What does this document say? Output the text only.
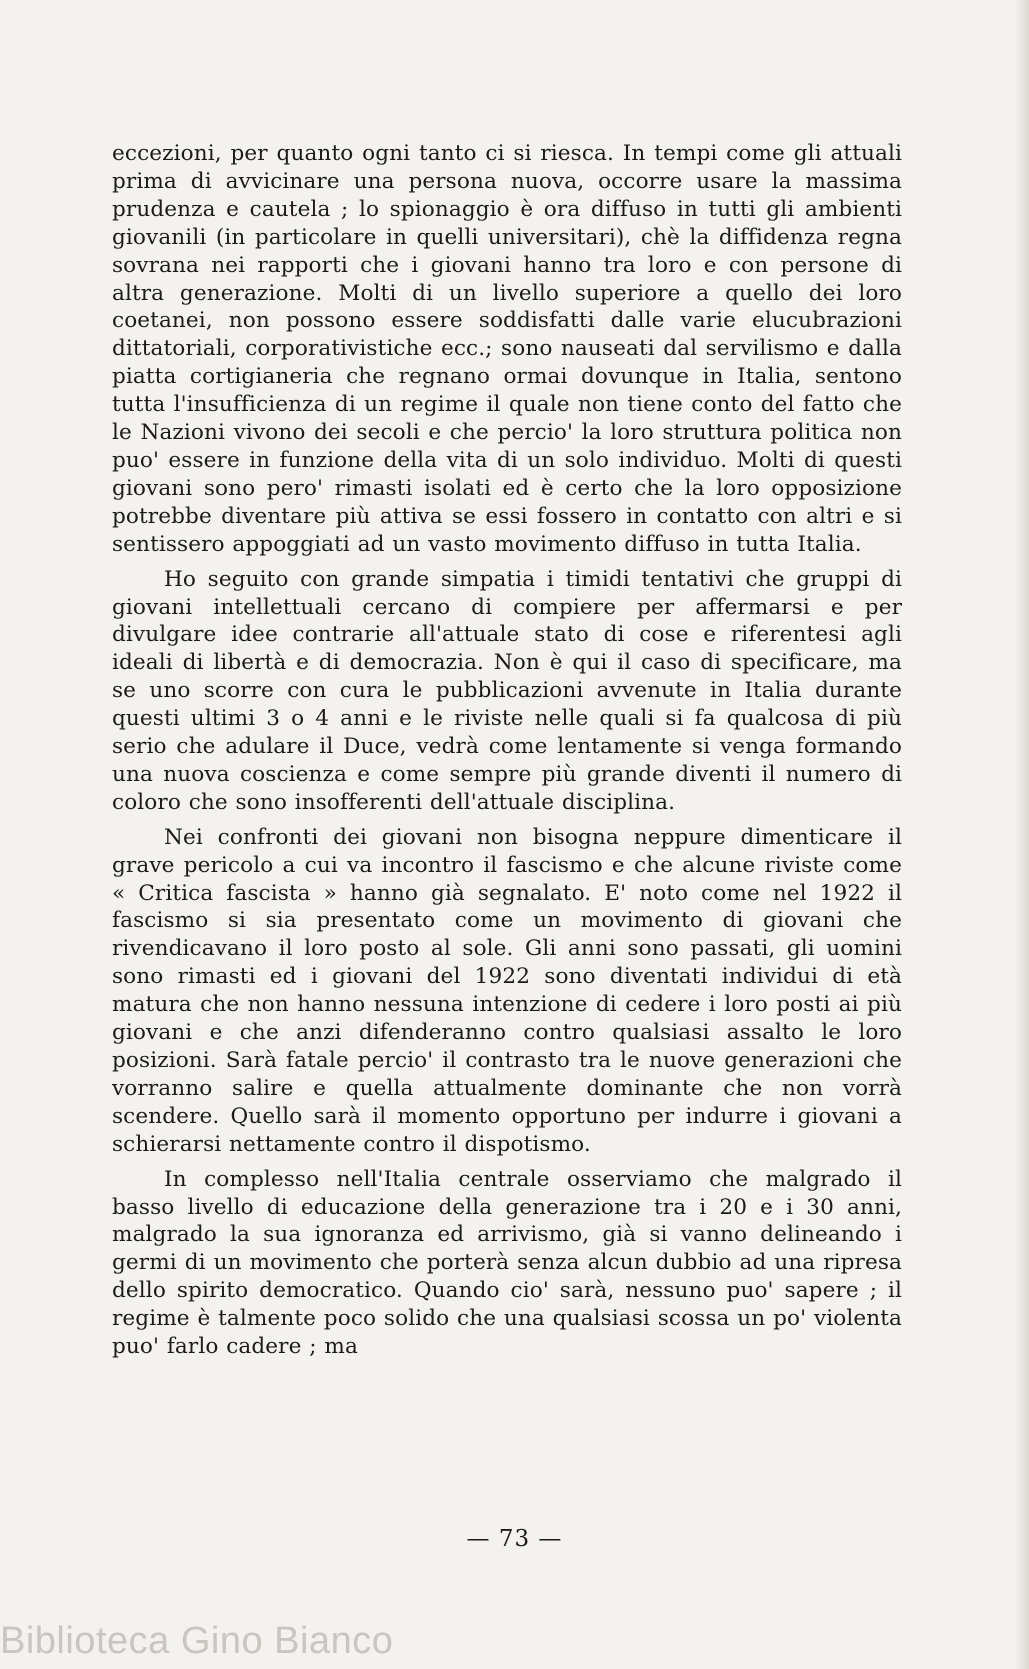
eccezioni, per quanto ogni tanto ci si riesca. In tempi come gli attuali prima di avvicinare una persona nuova, occorre usare la massima prudenza e cautela ; lo spionaggio è ora diffuso in tutti gli ambienti giovanili (in particolare in quelli universitari), chè la diffidenza regna sovrana nei rapporti che i giovani hanno tra loro e con persone di altra generazione. Molti di un livello superiore a quello dei loro coetanei, non possono essere soddisfatti dalle varie elucubrazioni dittatoriali, corporativistiche ecc.; sono nauseati dal servilismo e dalla piatta cortigianeria che regnano ormai dovunque in Italia, sentono tutta l'insufficienza di un regime il quale non tiene conto del fatto che le Nazioni vivono dei secoli e che percio' la loro struttura politica non puo' essere in funzione della vita di un solo individuo. Molti di questi giovani sono pero' rimasti isolati ed è certo che la loro opposizione potrebbe diventare più attiva se essi fossero in contatto con altri e si sentissero appoggiati ad un vasto movimento diffuso in tutta Italia.

Ho seguito con grande simpatia i timidi tentativi che gruppi di giovani intellettuali cercano di compiere per affermarsi e per divulgare idee contrarie all'attuale stato di cose e riferentesi agli ideali di libertà e di democrazia. Non è qui il caso di specificare, ma se uno scorre con cura le pubblicazioni avvenute in Italia durante questi ultimi 3 o 4 anni e le riviste nelle quali si fa qualcosa di più serio che adulare il Duce, vedrà come lentamente si venga formando una nuova coscienza e come sempre più grande diventi il numero di coloro che sono insofferenti dell'attuale disciplina.

Nei confronti dei giovani non bisogna neppure dimenticare il grave pericolo a cui va incontro il fascismo e che alcune riviste come « Critica fascista » hanno già segnalato. E' noto come nel 1922 il fascismo si sia presentato come un movimento di giovani che rivendicavano il loro posto al sole. Gli anni sono passati, gli uomini sono rimasti ed i giovani del 1922 sono diventati individui di età matura che non hanno nessuna intenzione di cedere i loro posti ai più giovani e che anzi difenderanno contro qualsiasi assalto le loro posizioni. Sarà fatale percio' il contrasto tra le nuove generazioni che vorranno salire e quella attualmente dominante che non vorrà scendere. Quello sarà il momento opportuno per indurre i giovani a schierarsi nettamente contro il dispotismo.

In complesso nell'Italia centrale osserviamo che malgrado il basso livello di educazione della generazione tra i 20 e i 30 anni, malgrado la sua ignoranza ed arrivismo, già si vanno delineando i germi di un movimento che porterà senza alcun dubbio ad una ripresa dello spirito democratico. Quando cio' sarà, nessuno puo' sapere ; il regime è talmente poco solido che una qualsiasi scossa un po' violenta puo' farlo cadere ; ma

— 73 —
Biblioteca Gino Bianco
